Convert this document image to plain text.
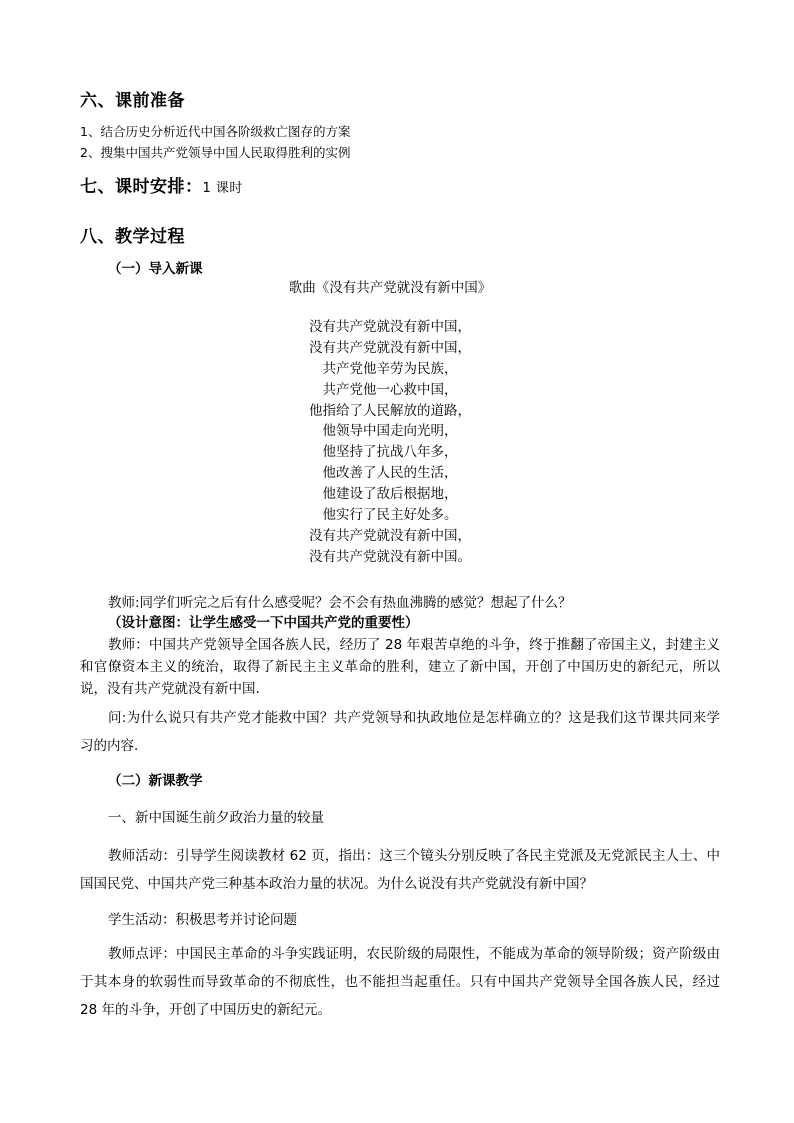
六、课前准备
1、结合历史分析近代中国各阶级救亡图存的方案
2、搜集中国共产党领导中国人民取得胜利的实例
七、课时安排：1 课时
八、教学过程
（一）导入新课
歌曲《没有共产党就没有新中国》
没有共产党就没有新中国，
没有共产党就没有新中国，
共产党他辛劳为民族，
共产党他一心救中国，
他指给了人民解放的道路，
他领导中国走向光明，
他坚持了抗战八年多，
他改善了人民的生活，
他建设了敌后根据地，
他实行了民主好处多。
没有共产党就没有新中国，
没有共产党就没有新中国。
教师:同学们听完之后有什么感受呢？会不会有热血沸腾的感觉？想起了什么？
（设计意图：让学生感受一下中国共产党的重要性）
教师：中国共产党领导全国各族人民，经历了 28 年艰苦卓绝的斗争，终于推翻了帝国主义，封建主义和官僚资本主义的统治，取得了新民主主义革命的胜利，建立了新中国，开创了中国历史的新纪元，所以说，没有共产党就没有新中国.
问:为什么说只有共产党才能救中国？共产党领导和执政地位是怎样确立的？这是我们这节课共同来学习的内容.
（二）新课教学
一、新中国诞生前夕政治力量的较量
教师活动：引导学生阅读教材 62 页，指出：这三个镜头分别反映了各民主党派及无党派民主人士、中国国民党、中国共产党三种基本政治力量的状况。为什么说没有共产党就没有新中国？
学生活动：积极思考并讨论问题
教师点评：中国民主革命的斗争实践证明，农民阶级的局限性，不能成为革命的领导阶级；资产阶级由于其本身的软弱性而导致革命的不彻底性，也不能担当起重任。只有中国共产党领导全国各族人民，经过 28 年的斗争，开创了中国历史的新纪元。
